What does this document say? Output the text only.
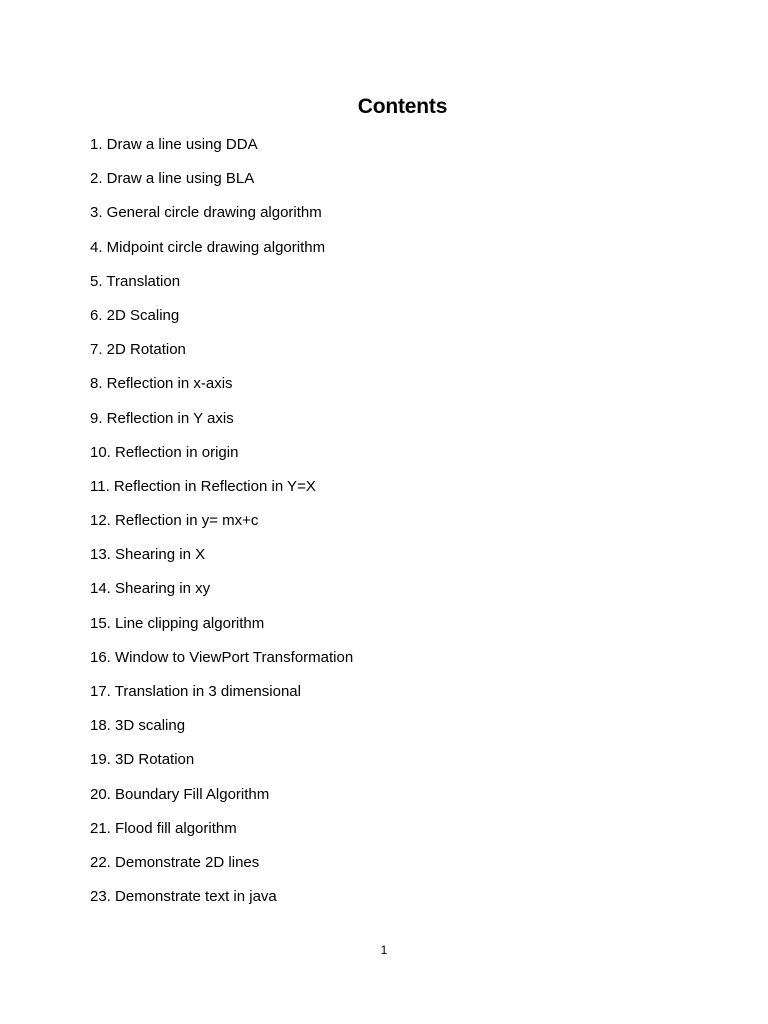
Contents
1. Draw a line using DDA
2. Draw a line using BLA
3. General circle drawing algorithm
4. Midpoint circle drawing algorithm
5. Translation
6. 2D Scaling
7. 2D Rotation
8. Reflection in x-axis
9. Reflection in Y axis
10. Reflection in origin
11. Reflection in Reflection in Y=X
12. Reflection in y= mx+c
13. Shearing in X
14. Shearing in xy
15. Line clipping algorithm
16. Window to ViewPort Transformation
17. Translation in 3 dimensional
18. 3D scaling
19. 3D Rotation
20. Boundary Fill Algorithm
21. Flood fill algorithm
22. Demonstrate 2D lines
23. Demonstrate text in java
1
